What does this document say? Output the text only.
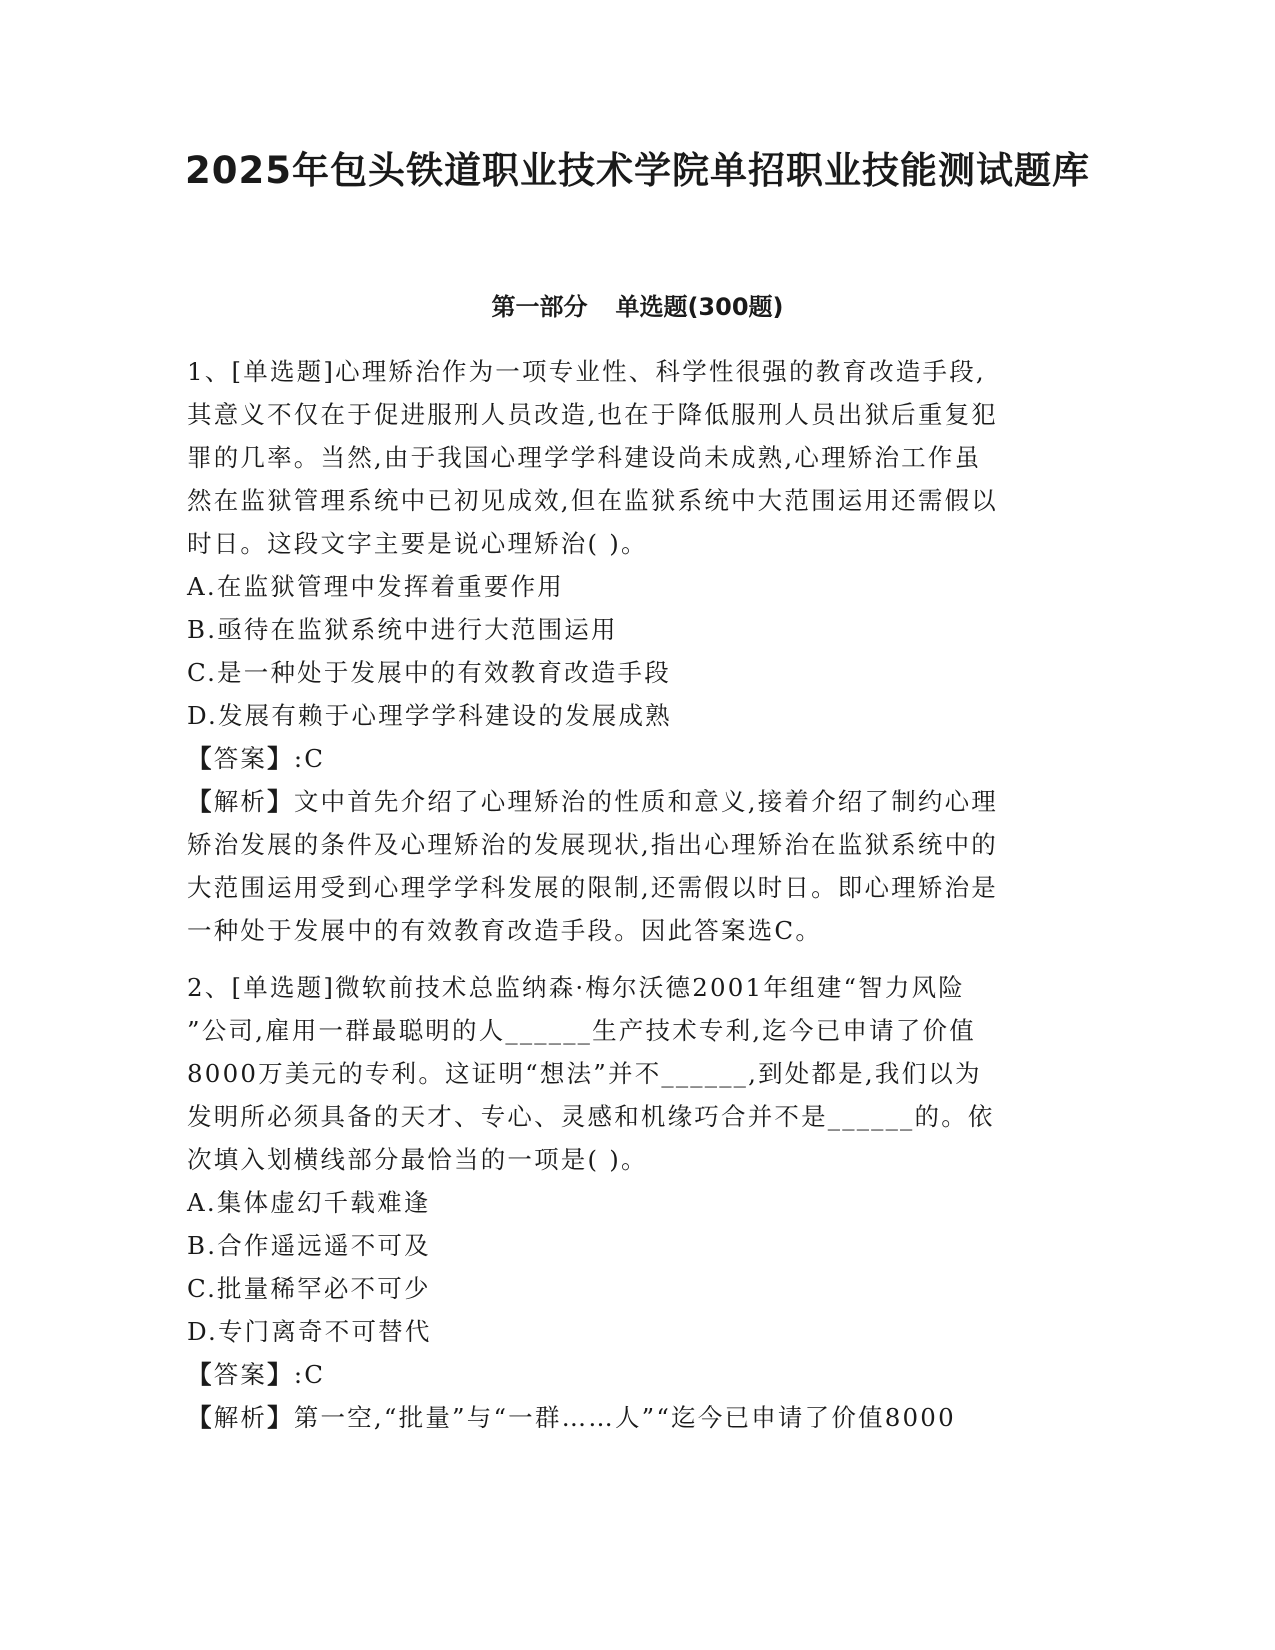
2025年包头铁道职业技术学院单招职业技能测试题库
第一部分 单选题(300题)

1、[单选题]心理矫治作为一项专业性、科学性很强的教育改造手段,

其意义不仅在于促进服刑人员改造,也在于降低服刑人员出狱后重复犯

罪的几率。当然,由于我国心理学学科建设尚未成熟,心理矫治工作虽

然在监狱管理系统中已初见成效,但在监狱系统中大范围运用还需假以

时日。这段文字主要是说心理矫治( )。

A.在监狱管理中发挥着重要作用

B.亟待在监狱系统中进行大范围运用

C.是一种处于发展中的有效教育改造手段

D.发展有赖于心理学学科建设的发展成熟

【答案】:C

【解析】文中首先介绍了心理矫治的性质和意义,接着介绍了制约心理

矫治发展的条件及心理矫治的发展现状,指出心理矫治在监狱系统中的

大范围运用受到心理学学科发展的限制,还需假以时日。即心理矫治是

一种处于发展中的有效教育改造手段。因此答案选C。

2、[单选题]微软前技术总监纳森·梅尔沃德2001年组建“智力风险

”公司,雇用一群最聪明的人______生产技术专利,迄今已申请了价值

8000万美元的专利。这证明“想法”并不______,到处都是,我们以为

发明所必须具备的天才、专心、灵感和机缘巧合并不是______的。依

次填入划横线部分最恰当的一项是( )。

A.集体虚幻千载难逢

B.合作遥远遥不可及

C.批量稀罕必不可少

D.专门离奇不可替代

【答案】:C

【解析】第一空,“批量”与“一群……人”“迄今已申请了价值8000
